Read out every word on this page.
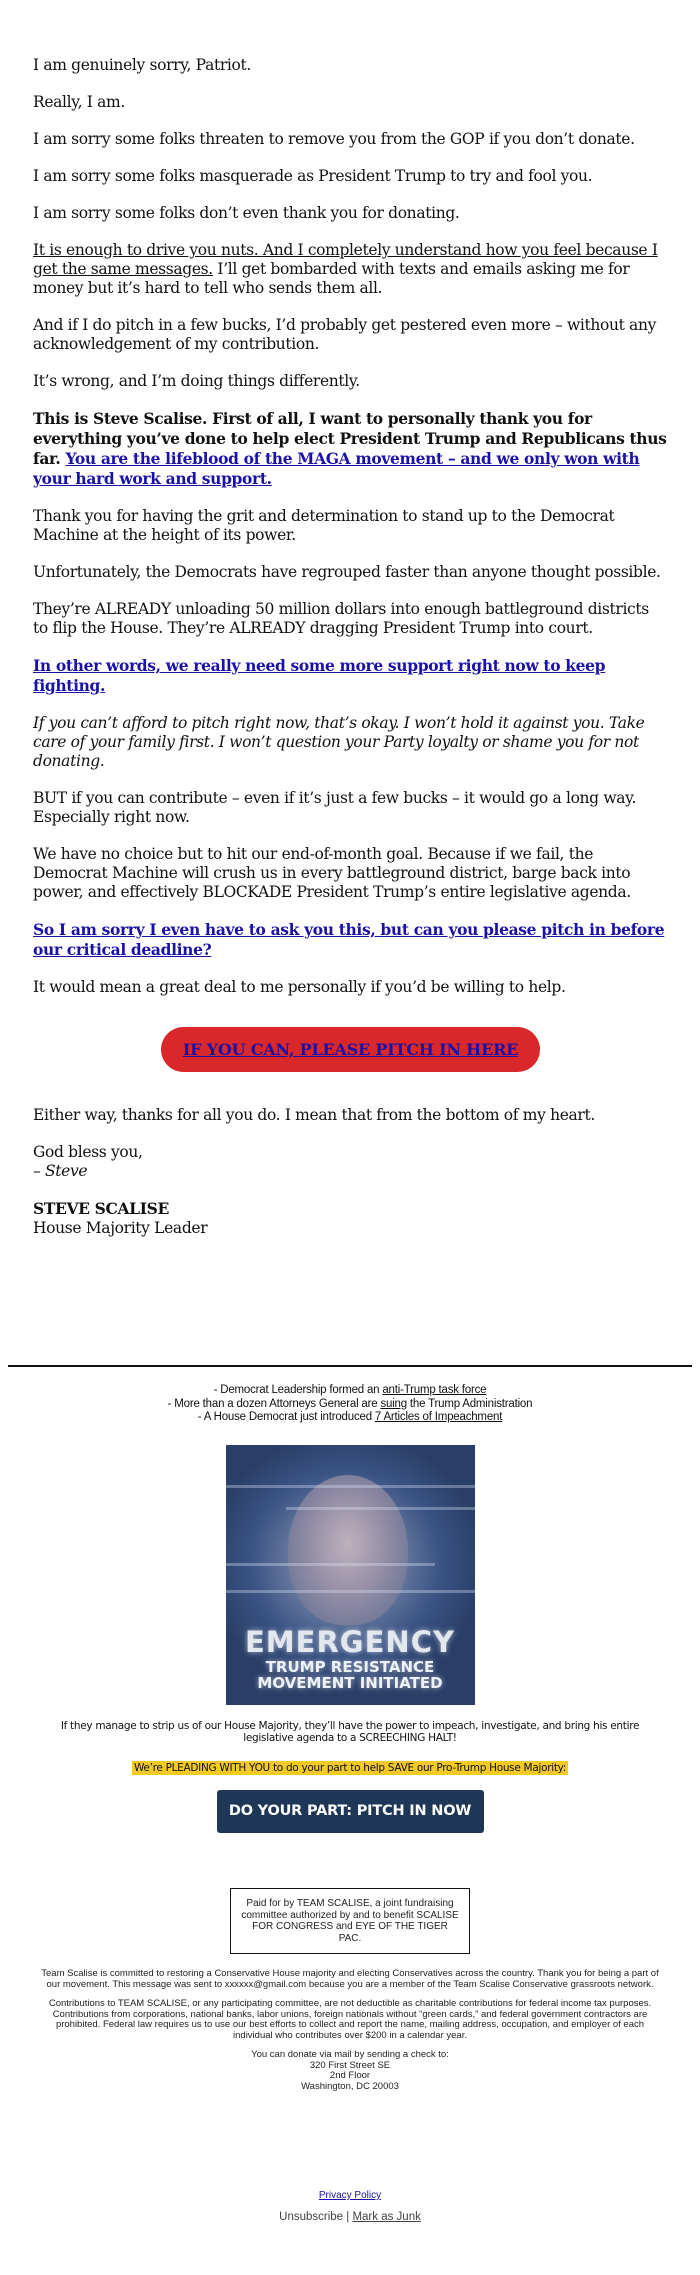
I am genuinely sorry, Patriot.

Really, I am.

I am sorry some folks threaten to remove you from the GOP if you don’t donate.

I am sorry some folks masquerade as President Trump to try and fool you.

I am sorry some folks don’t even thank you for donating.

It is enough to drive you nuts. And I completely understand how you feel because I get the same messages. I’ll get bombarded with texts and emails asking me for money but it’s hard to tell who sends them all.

And if I do pitch in a few bucks, I’d probably get pestered even more – without any acknowledgement of my contribution.

It’s wrong, and I’m doing things differently.

This is Steve Scalise. First of all, I want to personally thank you for everything you’ve done to help elect President Trump and Republicans thus far. You are the lifeblood of the MAGA movement – and we only won with your hard work and support.

Thank you for having the grit and determination to stand up to the Democrat Machine at the height of its power.

Unfortunately, the Democrats have regrouped faster than anyone thought possible.

They’re ALREADY unloading 50 million dollars into enough battleground districts to flip the House. They’re ALREADY dragging President Trump into court.

In other words, we really need some more support right now to keep fighting.

If you can’t afford to pitch right now, that’s okay. I won’t hold it against you. Take care of your family first. I won’t question your Party loyalty or shame you for not donating.

BUT if you can contribute – even if it’s just a few bucks – it would go a long way. Especially right now.

We have no choice but to hit our end-of-month goal. Because if we fail, the Democrat Machine will crush us in every battleground district, barge back into power, and effectively BLOCKADE President Trump’s entire legislative agenda.

So I am sorry I even have to ask you this, but can you please pitch in before our critical deadline?

It would mean a great deal to me personally if you’d be willing to help.

IF YOU CAN, PLEASE PITCH IN HERE

Either way, thanks for all you do. I mean that from the bottom of my heart.

God bless you,
– Steve

STEVE SCALISE
House Majority Leader

- Democrat Leadership formed an anti-Trump task force
- More than a dozen Attorneys General are suing the Trump Administration
- A House Democrat just introduced 7 Articles of Impeachment
EMERGENCY
TRUMP RESISTANCE
MOVEMENT INITIATED
If they manage to strip us of our House Majority, they’ll have the power to impeach, investigate, and bring his entire legislative agenda to a SCREECHING HALT!
We’re PLEADING WITH YOU to do your part to help SAVE our Pro-Trump House Majority:
DO YOUR PART: PITCH IN NOW
Paid for by TEAM SCALISE, a joint fundraising committee authorized by and to benefit SCALISE FOR CONGRESS and EYE OF THE TIGER PAC.
Team Scalise is committed to restoring a Conservative House majority and electing Conservatives across the country. Thank you for being a part of our movement. This message was sent to xxxxxx@gmail.com because you are a member of the Team Scalise Conservative grassroots network.
Contributions to TEAM SCALISE, or any participating committee, are not deductible as charitable contributions for federal income tax purposes. Contributions from corporations, national banks, labor unions, foreign nationals without “green cards,” and federal government contractors are prohibited. Federal law requires us to use our best efforts to collect and report the name, mailing address, occupation, and employer of each individual who contributes over $200 in a calendar year.
You can donate via mail by sending a check to:
320 First Street SE
2nd Floor
Washington, DC 20003
Privacy Policy
Unsubscribe | Mark as Junk
